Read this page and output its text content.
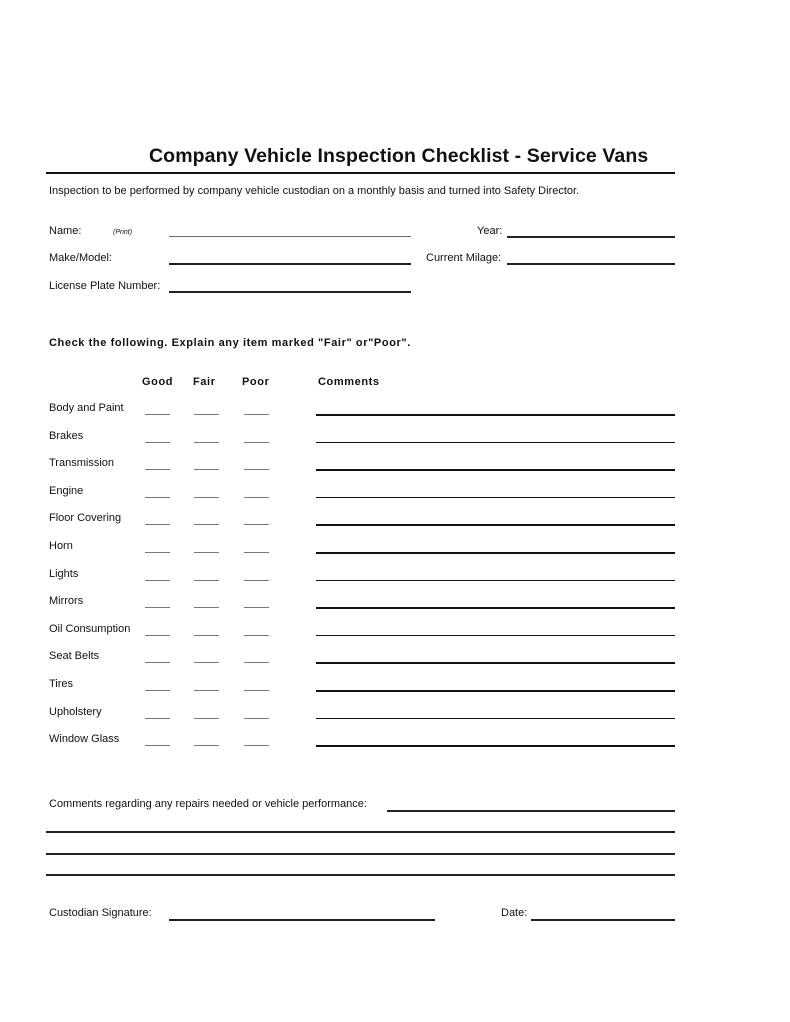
Company Vehicle Inspection Checklist - Service Vans
Inspection to be performed by company vehicle custodian on a monthly basis and turned into Safety Director.
Name:	(Print)	Year:
Make/Model:	Current Milage:
License Plate Number:
Check the following. Explain any item marked "Fair" or"Poor".
Good Fair Poor	Comments
Body and Paint
Brakes
Transmission
Engine
Floor Covering
Horn
Lights
Mirrors
Oil Consumption
Seat Belts
Tires
Upholstery
Window Glass
Comments regarding any repairs needed or vehicle performance:
Custodian Signature:	Date:
